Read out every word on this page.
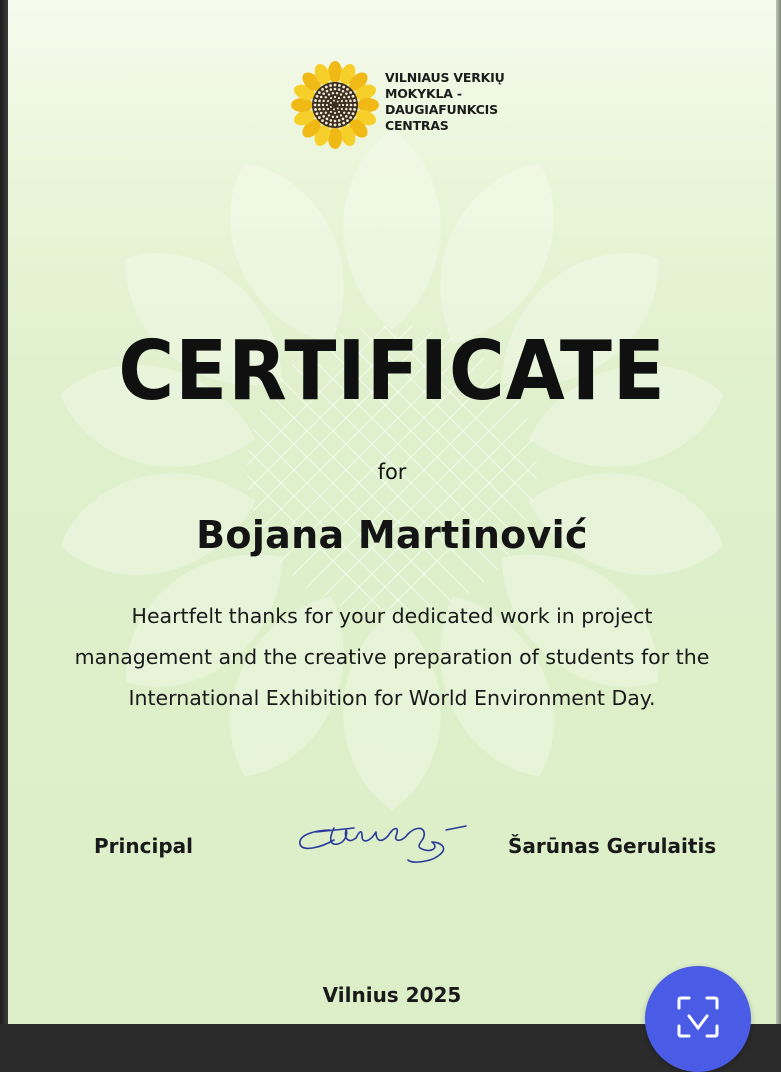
VILNIAUS VERKIŲ
MOKYKLA -
DAUGIAFUNKCIS
CENTRAS
CERTIFICATE
for
Bojana Martinović
Heartfelt thanks for your dedicated work in project
management and the creative preparation of students for the
International Exhibition for World Environment Day.
Principal	Šarūnas Gerulaitis
Vilnius 2025
